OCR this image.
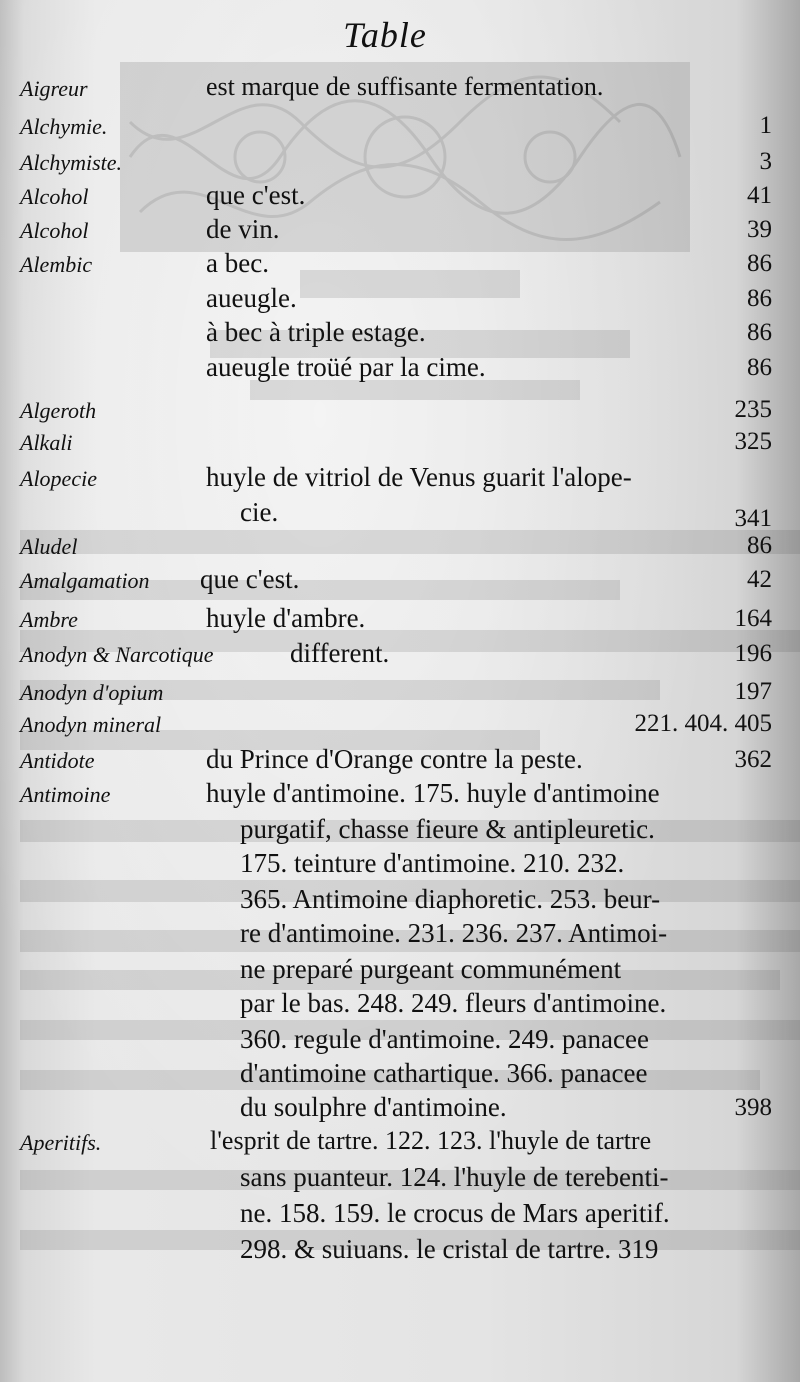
Table
Aigreur	est marque de suffisante fermentation.
Alchymie.	1
Alchymiste.	3
Alcohol	que c'est.	41
Alcohol	de vin.	39
Alembic	a bec.	86
aueugle.	86
à bec à triple estage.	86
aueugle troüé par la cime.	86
Algeroth	235
Alkali	325
Alopecie	huyle de vitriol de Venus guarit l'alope-
cie.	341
Aludel	86
Amalgamation que c'est.	42
Ambre	huyle d'ambre.	164
Anodyn & Narcotique	different.	196
Anodyn d'opium	197
Anodyn mineral	221. 404. 405
Antidote	du Prince d'Orange contre la peste.	362
Antimoine	huyle d'antimoine. 175. huyle d'antimoine
purgatif, chasse fieure & antipleuretic.
175. teinture d'antimoine. 210. 232.
365. Antimoine diaphoretic. 253. beur-
re d'antimoine. 231. 236. 237. Antimoi-
ne preparé purgeant communément
par le bas. 248. 249. fleurs d'antimoine.
360. regule d'antimoine. 249. panacee
d'antimoine cathartique. 366. panacee
du soulphre d'antimoine.	398
Aperitifs.	l'esprit de tartre. 122. 123. l'huyle de tartre
sans puanteur. 124. l'huyle de terebenti-
ne. 158. 159. le crocus de Mars aperitif.
298. & suiuans. le cristal de tartre. 319
